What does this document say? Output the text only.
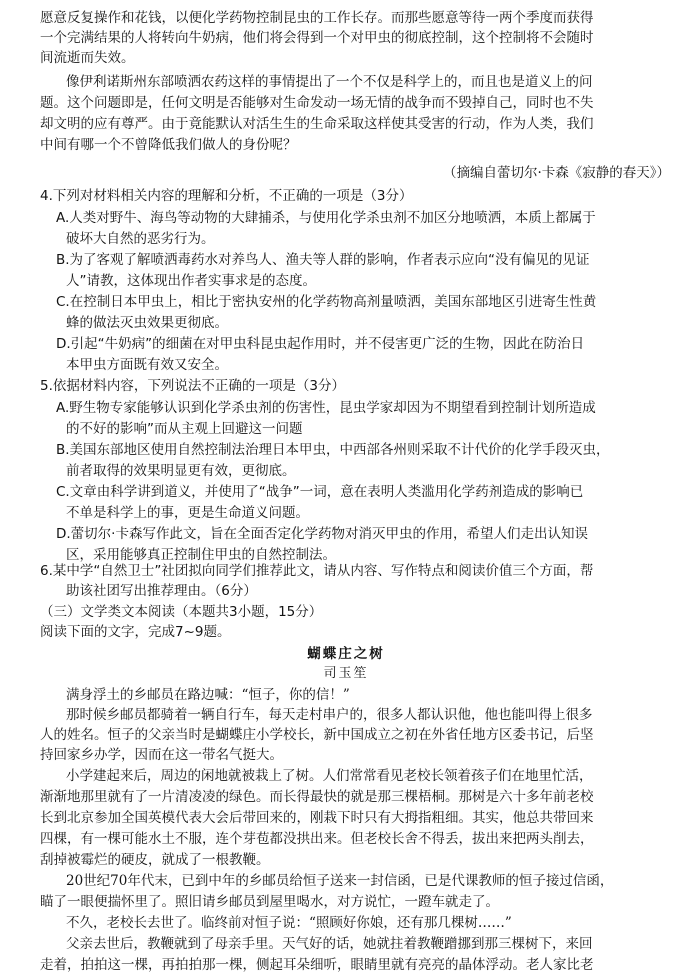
愿意反复操作和花钱，以便化学药物控制昆虫的工作长存。而那些愿意等待一两个季度而获得
一个完满结果的人将转向牛奶病，他们将会得到一个对甲虫的彻底控制，这个控制将不会随时
间流逝而失效。
像伊利诺斯州东部喷洒农药这样的事情提出了一个不仅是科学上的，而且也是道义上的问
题。这个问题即是，任何文明是否能够对生命发动一场无情的战争而不毁掉自己，同时也不失
却文明的应有尊严。由于竟能默认对活生生的生命采取这样使其受害的行动，作为人类，我们
中间有哪一个不曾降低我们做人的身份呢？
（摘编自蕾切尔·卡森《寂静的春天》）
4.下列对材料相关内容的理解和分析，不正确的一项是（3分）
A.人类对野牛、海鸟等动物的大肆捕杀，与使用化学杀虫剂不加区分地喷洒，本质上都属于
破坏大自然的恶劣行为。
B.为了客观了解喷洒毒药水对养鸟人、渔夫等人群的影响，作者表示应向“没有偏见的见证
人”请教，这体现出作者实事求是的态度。
C.在控制日本甲虫上，相比于密执安州的化学药物高剂量喷洒，美国东部地区引进寄生性黄
蜂的做法灭虫效果更彻底。
D.引起“牛奶病”的细菌在对甲虫科昆虫起作用时，并不侵害更广泛的生物，因此在防治日
本甲虫方面既有效又安全。
5.依据材料内容，下列说法不正确的一项是（3分）
A.野生物专家能够认识到化学杀虫剂的伤害性，昆虫学家却因为不期望看到控制计划所造成
的不好的影响”而从主观上回避这一问题
B.美国东部地区使用自然控制法治理日本甲虫，中西部各州则采取不计代价的化学手段灭虫，
前者取得的效果明显更有效，更彻底。
C.文章由科学讲到道义，并使用了“战争”一词，意在表明人类滥用化学药剂造成的影响已
不单是科学上的事，更是生命道义问题。
D.蕾切尔·卡森写作此文，旨在全面否定化学药物对消灭甲虫的作用，希望人们走出认知误
区，采用能够真正控制住甲虫的自然控制法。
6.某中学“自然卫士”社团拟向同学们推荐此文，请从内容、写作特点和阅读价值三个方面，帮
助该社团写出推荐理由。（6分）
（三）文学类文本阅读（本题共3小题，15分）
阅读下面的文字，完成7~9题。
蝴蝶庄之树
司玉笙
满身浮土的乡邮员在路边喊：“恒子，你的信！”
那时候乡邮员都骑着一辆自行车，每天走村串户的，很多人都认识他，他也能叫得上很多
人的姓名。恒子的父亲当时是蝴蝶庄小学校长，新中国成立之初在外省任地方区委书记，后坚
持回家乡办学，因而在这一带名气挺大。
小学建起来后，周边的闲地就被栽上了树。人们常常看见老校长领着孩子们在地里忙活，
渐渐地那里就有了一片清凌凌的绿色。而长得最快的就是那三棵梧桐。那树是六十多年前老校
长到北京参加全国英模代表大会后带回来的，刚栽下时只有大拇指粗细。其实，他总共带回来
四棵，有一棵可能水土不服，连个芽苞都没拱出来。但老校长舍不得丢，拔出来把两头削去，
刮掉被霉烂的硬皮，就成了一根教鞭。
20世纪70年代末，已到中年的乡邮员给恒子送来一封信函，已是代课教师的恒子接过信函，
瞄了一眼便揣怀里了。照旧请乡邮员到屋里喝水，对方说忙，一蹬车就走了。
不久，老校长去世了。临终前对恒子说：“照顾好你娘，还有那几棵树……”
父亲去世后，教鞭就到了母亲手里。天气好的话，她就拄着教鞭蹭挪到那三棵树下，来回
走着，拍拍这一棵，再拍拍那一棵，侧起耳朵细听，眼睛里就有亮亮的晶体浮动。老人家比老
